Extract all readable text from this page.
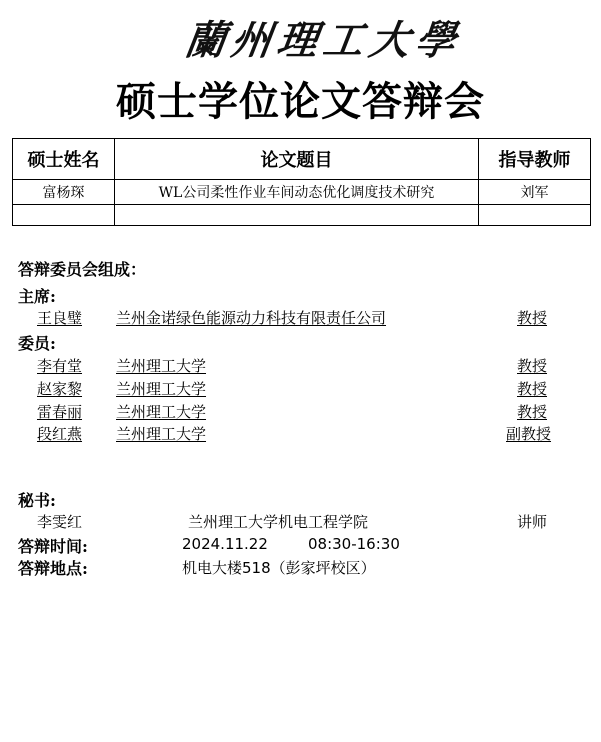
蘭州理工大學
硕士学位论文答辩会
硕士姓名	论文题目	指导教师
富杨琛	WL公司柔性作业车间动态优化调度技术研究	刘军

答辩委员会组成：
主席:
王良璧 兰州金诺绿色能源动力科技有限责任公司	教授
委员:
李有堂 兰州理工大学	教授
赵家黎 兰州理工大学	教授
雷春丽 兰州理工大学	教授
段红燕 兰州理工大学	副教授
秘书:
李雯红	兰州理工大学机电工程学院	讲师
答辩时间:	2024.11.22	08:30-16:30
答辩地点:	机电大楼518（彭家坪校区）
